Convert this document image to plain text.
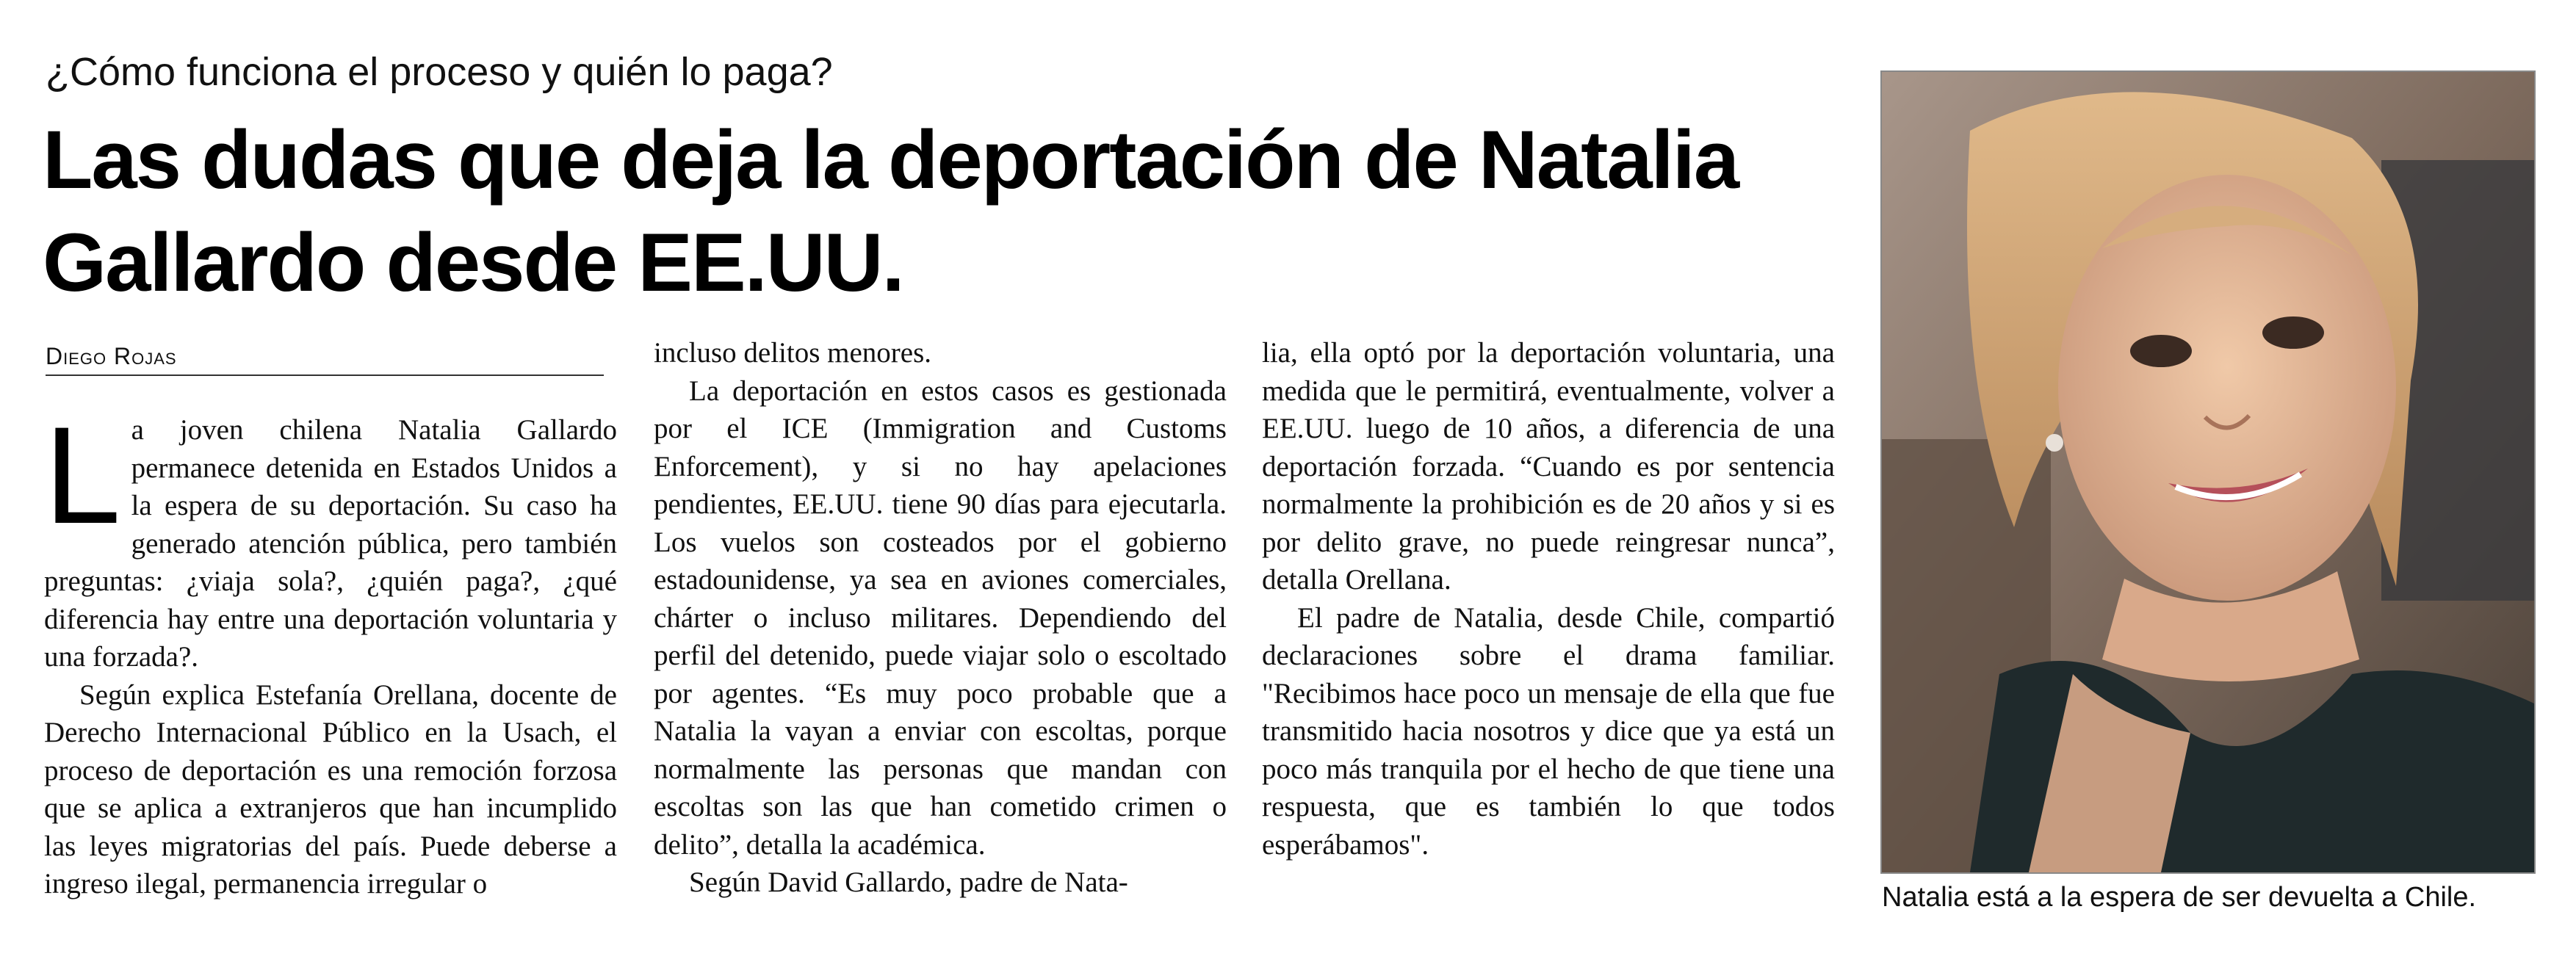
¿Cómo funciona el proceso y quién lo paga?
Las dudas que deja la deportación de Natalia
Gallardo desde EE.UU.
Diego Rojas

La joven chilena Natalia Gallardo permanece detenida en Estados Unidos a la espera de su deportación. Su caso ha generado atención pública, pero también preguntas: ¿viaja sola?, ¿quién paga?, ¿qué diferencia hay entre una deportación voluntaria y una forzada?.

Según explica Estefanía Orellana, docente de Derecho Internacional Público en la Usach, el proceso de deportación es una remoción forzosa que se aplica a extranjeros que han incumplido las leyes migratorias del país. Puede deberse a ingreso ilegal, permanencia irregular o

incluso delitos menores.

La deportación en estos casos es gestionada por el ICE (Immigration and Customs Enforcement), y si no hay apelaciones pendientes, EE.UU. tiene 90 días para ejecutarla. Los vuelos son costeados por el gobierno estadounidense, ya sea en aviones comerciales, chárter o incluso militares. Dependiendo del perfil del detenido, puede viajar solo o escoltado por agentes. “Es muy poco probable que a Natalia la vayan a enviar con escoltas, porque normalmente las personas que mandan con escoltas son las que han cometido crimen o delito”, detalla la académica.

Según David Gallardo, padre de Nata-

lia, ella optó por la deportación voluntaria, una medida que le permitirá, eventualmente, volver a EE.UU. luego de 10 años, a diferencia de una deportación forzada. “Cuando es por sentencia normalmente la prohibición es de 20 años y si es por delito grave, no puede reingresar nunca”, detalla Orellana.

El padre de Natalia, desde Chile, compartió declaraciones sobre el drama familiar. "Recibimos hace poco un mensaje de ella que fue transmitido hacia nosotros y dice que ya está un poco más tranquila por el hecho de que tiene una respuesta, que es también lo que todos esperábamos".

Natalia está a la espera de ser devuelta a Chile.
